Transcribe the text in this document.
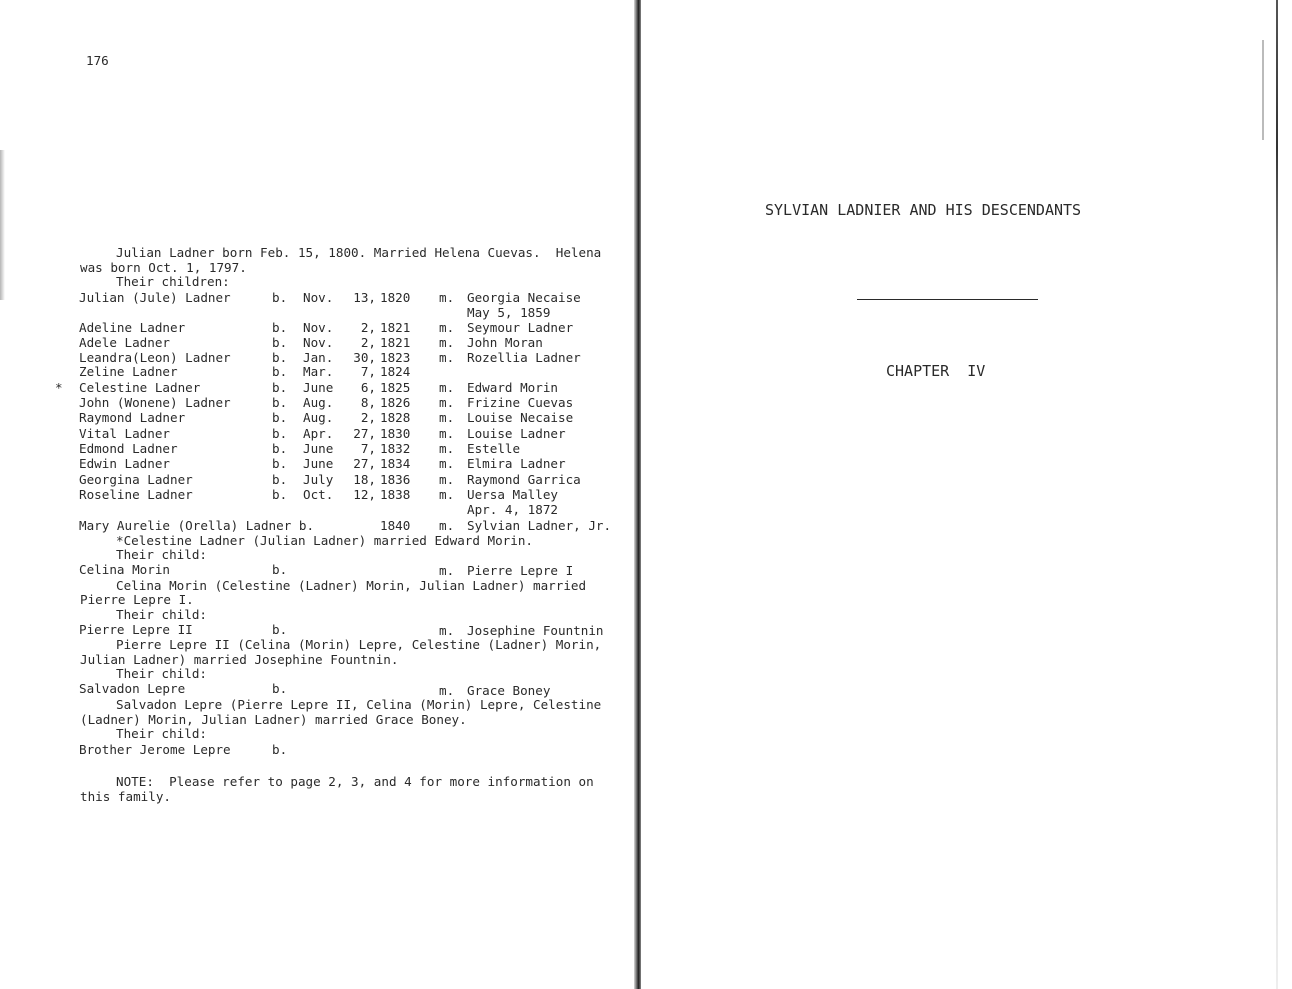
176
Julian Ladner born Feb. 15, 1800. Married Helena Cuevas.  Helena
was born Oct. 1, 1797.
Their children:
Julian (Jule) Ladner	b. Nov. 13, 1820 m. Georgia Necaise
May 5, 1859
Adeline Ladner	b. Nov. 2, 1821 m. Seymour Ladner
Adele Ladner	b. Nov. 2, 1821 m. John Moran
Leandra(Leon) Ladner	b. Jan. 30, 1823 m. Rozellia Ladner
Zeline Ladner	b. Mar. 7, 1824
* Celestine Ladner	b. June 6, 1825 m. Edward Morin
John (Wonene) Ladner	b. Aug. 8, 1826 m. Frizine Cuevas
Raymond Ladner	b. Aug. 2, 1828 m. Louise Necaise
Vital Ladner	b. Apr. 27, 1830 m. Louise Ladner
Edmond Ladner	b. June 7, 1832 m. Estelle
Edwin Ladner	b. June 27, 1834 m. Elmira Ladner
Georgina Ladner	b. July 18, 1836 m. Raymond Garrica
Roseline Ladner	b. Oct. 12, 1838 m. Uersa Malley
Apr. 4, 1872
Mary Aurelie (Orella) Ladner b.	1840 m. Sylvian Ladner, Jr.
*Celestine Ladner (Julian Ladner) married Edward Morin.
Their child:
Celina Morin	b.	m. Pierre Lepre I
Celina Morin (Celestine (Ladner) Morin, Julian Ladner) married
Pierre Lepre I.
Their child:
Pierre Lepre II	b.	m. Josephine Fountnin
Pierre Lepre II (Celina (Morin) Lepre, Celestine (Ladner) Morin,
Julian Ladner) married Josephine Fountnin.
Their child:
Salvadon Lepre	b.	m. Grace Boney
Salvadon Lepre (Pierre Lepre II, Celina (Morin) Lepre, Celestine
(Ladner) Morin, Julian Ladner) married Grace Boney.
Their child:
Brother Jerome Lepre	b.
NOTE:  Please refer to page 2, 3, and 4 for more information on
this family.
SYLVIAN LADNIER AND HIS DESCENDANTS
CHAPTER  IV
